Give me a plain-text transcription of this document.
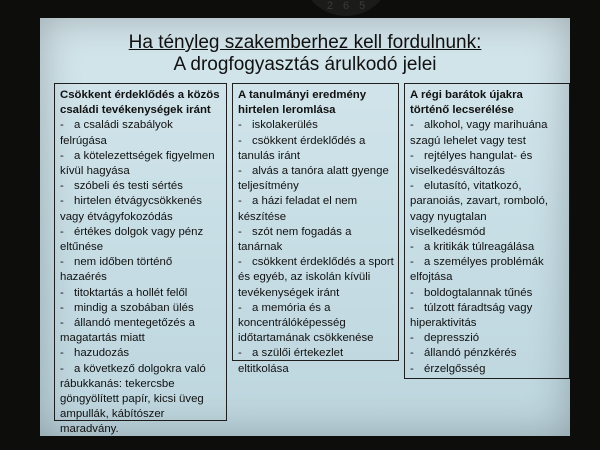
2 6 5
Ha tényleg szakemberhez kell fordulnunk:
A drogfogyasztás árulkodó jelei
Csökkent érdeklődés a közös családi tevékenységek iránt
- a családi szabályok felrúgása
- a kötelezettségek figyelmen kívül hagyása
- szóbeli és testi sértés
- hirtelen étvágycsökkenés vagy étvágyfokozódás
- értékes dolgok vagy pénz eltűnése
- nem időben történő hazaérés
- titoktartás a hollét felől
- mindig a szobában ülés
- állandó mentegetőzés a magatartás miatt
- hazudozás
- a következő dolgokra való rábukkanás: tekercsbe göngyölített papír, kicsi üveg ampullák, kábítószer maradvány.
A tanulmányi eredmény hirtelen leromlása
- iskolakerülés
- csökkent érdeklődés a tanulás iránt
- alvás a tanóra alatt gyenge teljesítmény
- a házi feladat el nem készítése
- szót nem fogadás a tanárnak
- csökkent érdeklődés a sport és egyéb, az iskolán kívüli tevékenységek iránt
- a memória és a koncentrálóképesség időtartamának csökkenése
- a szülői értekezlet eltitkolása
A régi barátok újakra történő lecserélése
- alkohol, vagy marihuána szagú lehelet vagy test
- rejtélyes hangulat- és viselkedésváltozás
- elutasító, vitatkozó, paranoiás, zavart, romboló, vagy nyugtalan viselkedésmód
- a kritikák túlreagálása
- a személyes problémák elfojtása
- boldogtalannak tűnés
- túlzott fáradtság vagy hiperaktivitás
- depresszió
- állandó pénzkérés
- érzelgősség
